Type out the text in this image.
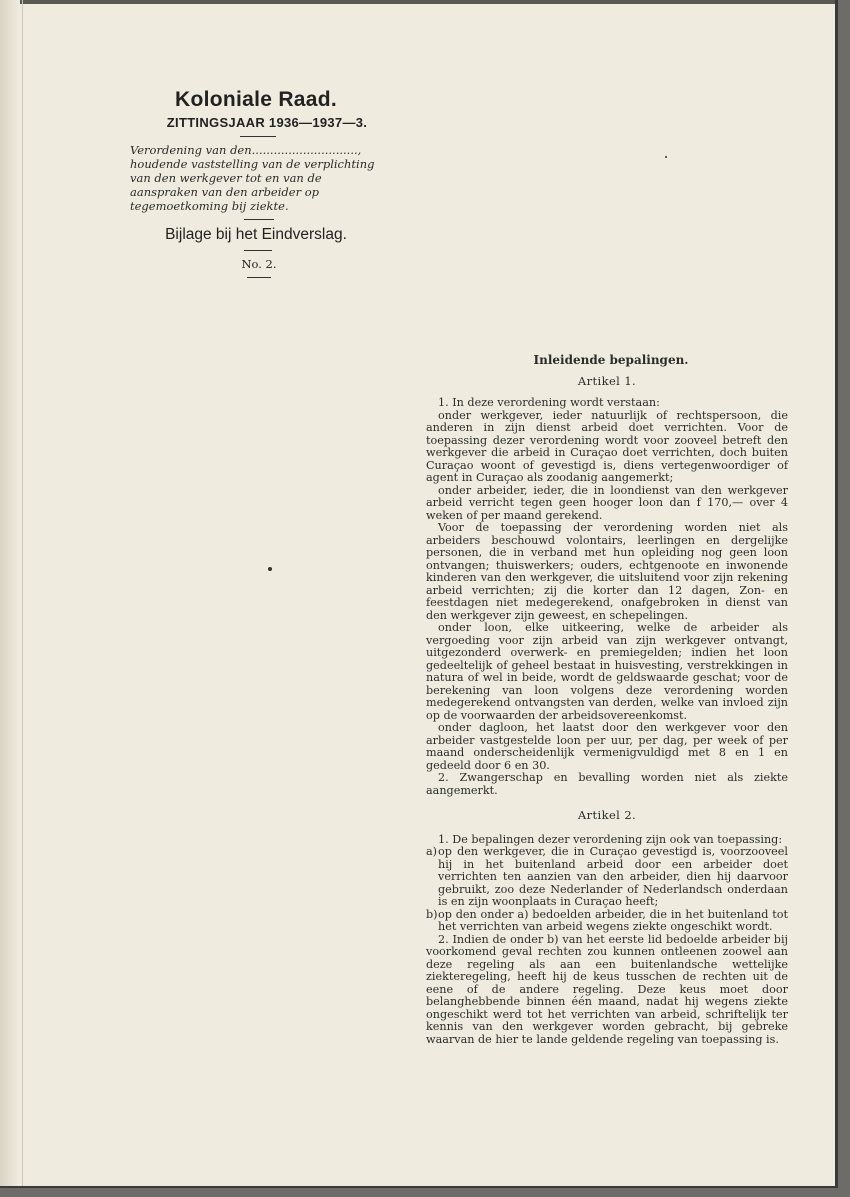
Koloniale Raad.

ZITTINGSJAAR 1936—1937—3.

Verordening van den............................., houdende vaststelling van de verplichting van den werkgever tot en van de aanspraken van den arbeider op tegemoetkoming bij ziekte.

Bijlage bij het Eindverslag.

No. 2.

Inleidende bepalingen.

Artikel 1.

1. In deze verordening wordt verstaan:

onder werkgever, ieder natuurlijk of rechtspersoon, die anderen in zijn dienst arbeid doet verrichten. Voor de toepassing dezer verordening wordt voor zooveel betreft den werkgever die arbeid in Curaçao doet verrichten, doch buiten Curaçao woont of gevestigd is, diens vertegenwoordiger of agent in Curaçao als zoodanig aangemerkt;

onder arbeider, ieder, die in loondienst van den werkgever arbeid verricht tegen geen hooger loon dan f 170,— over 4 weken of per maand gerekend.

Voor de toepassing der verordening worden niet als arbeiders beschouwd volontairs, leerlingen en dergelijke personen, die in verband met hun opleiding nog geen loon ontvangen; thuiswerkers; ouders, echtgenoote en inwonende kinderen van den werkgever, die uitsluitend voor zijn rekening arbeid verrichten; zij die korter dan 12 dagen, Zon- en feestdagen niet medegerekend, onafgebroken in dienst van den werkgever zijn geweest, en schepelingen.

onder loon, elke uitkeering, welke de arbeider als vergoeding voor zijn arbeid van zijn werkgever ontvangt, uitgezonderd overwerk- en premiegelden; indien het loon gedeeltelijk of geheel bestaat in huisvesting, verstrekkingen in natura of wel in beide, wordt de geldswaarde geschat; voor de berekening van loon volgens deze verordening worden medegerekend ontvangsten van derden, welke van invloed zijn op de voorwaarden der arbeidsovereenkomst.

onder dagloon, het laatst door den werkgever voor den arbeider vastgestelde loon per uur, per dag, per week of per maand onderscheidenlijk vermenigvuldigd met 8 en 1 en gedeeld door 6 en 30.

2. Zwangerschap en bevalling worden niet als ziekte aangemerkt.

Artikel 2.

1. De bepalingen dezer verordening zijn ook van toepassing:

a) op den werkgever, die in Curaçao gevestigd is, voorzooveel hij in het buitenland arbeid door een arbeider doet verrichten ten aanzien van den arbeider, dien hij daarvoor gebruikt, zoo deze Nederlander of Nederlandsch onderdaan is en zijn woonplaats in Curaçao heeft;
b) op den onder a) bedoelden arbeider, die in het buitenland tot het verrichten van arbeid wegens ziekte ongeschikt wordt.

2. Indien de onder b) van het eerste lid bedoelde arbeider bij voorkomend geval rechten zou kunnen ontleenen zoowel aan deze regeling als aan een buitenlandsche wettelijke ziekteregeling, heeft hij de keus tusschen de rechten uit de eene of de andere regeling. Deze keus moet door belanghebbende binnen één maand, nadat hij wegens ziekte ongeschikt werd tot het verrichten van arbeid, schriftelijk ter kennis van den werkgever worden gebracht, bij gebreke waarvan de hier te lande geldende regeling van toepassing is.
